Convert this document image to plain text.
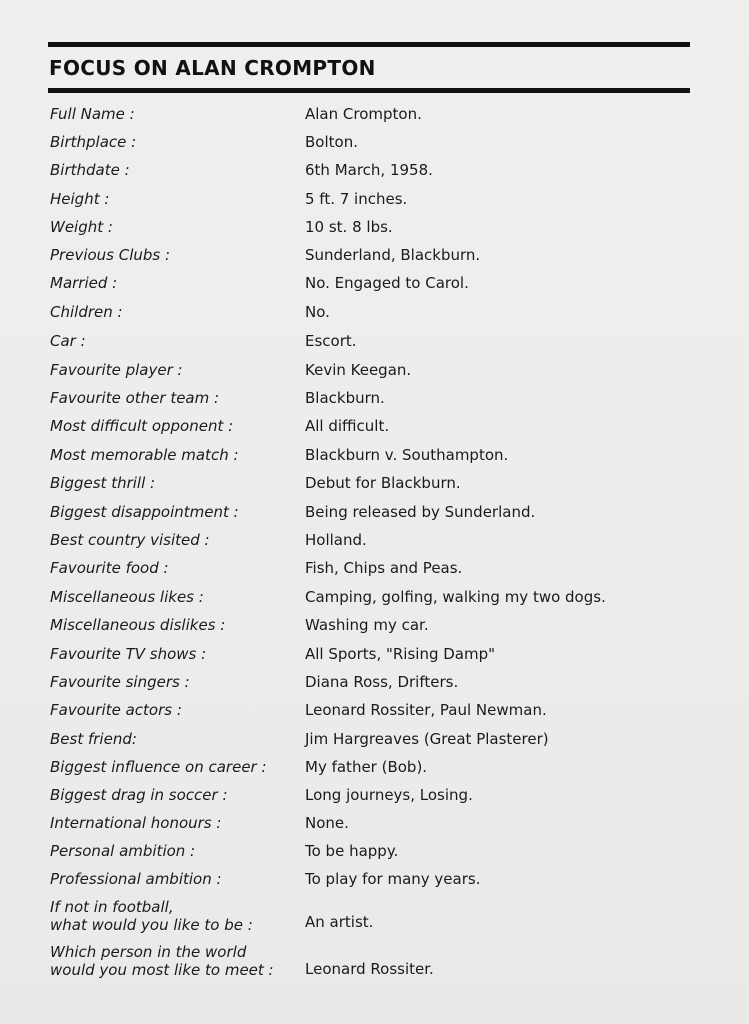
FOCUS ON ALAN CROMPTON
Full Name :	Alan Crompton.
Birthplace :	Bolton.
Birthdate :	6th March, 1958.
Height :	5 ft. 7 inches.
Weight :	10 st. 8 lbs.
Previous Clubs :	Sunderland, Blackburn.
Married :	No. Engaged to Carol.
Children :	No.
Car :	Escort.
Favourite player :	Kevin Keegan.
Favourite other team :	Blackburn.
Most difficult opponent :	All difficult.
Most memorable match :	Blackburn v. Southampton.
Biggest thrill :	Debut for Blackburn.
Biggest disappointment :	Being released by Sunderland.
Best country visited :	Holland.
Favourite food :	Fish, Chips and Peas.
Miscellaneous likes :	Camping, golfing, walking my two dogs.
Miscellaneous dislikes :	Washing my car.
Favourite TV shows :	All Sports, "Rising Damp"
Favourite singers :	Diana Ross, Drifters.
Favourite actors :	Leonard Rossiter, Paul Newman.
Best friend:	Jim Hargreaves (Great Plasterer)
Biggest influence on career :	My father (Bob).
Biggest drag in soccer :	Long journeys, Losing.
International honours :	None.
Personal ambition :	To be happy.
Professional ambition :	To play for many years.
If not in football,
what would you like to be :	An artist.
Which person in the world
would you most like to meet :	Leonard Rossiter.
